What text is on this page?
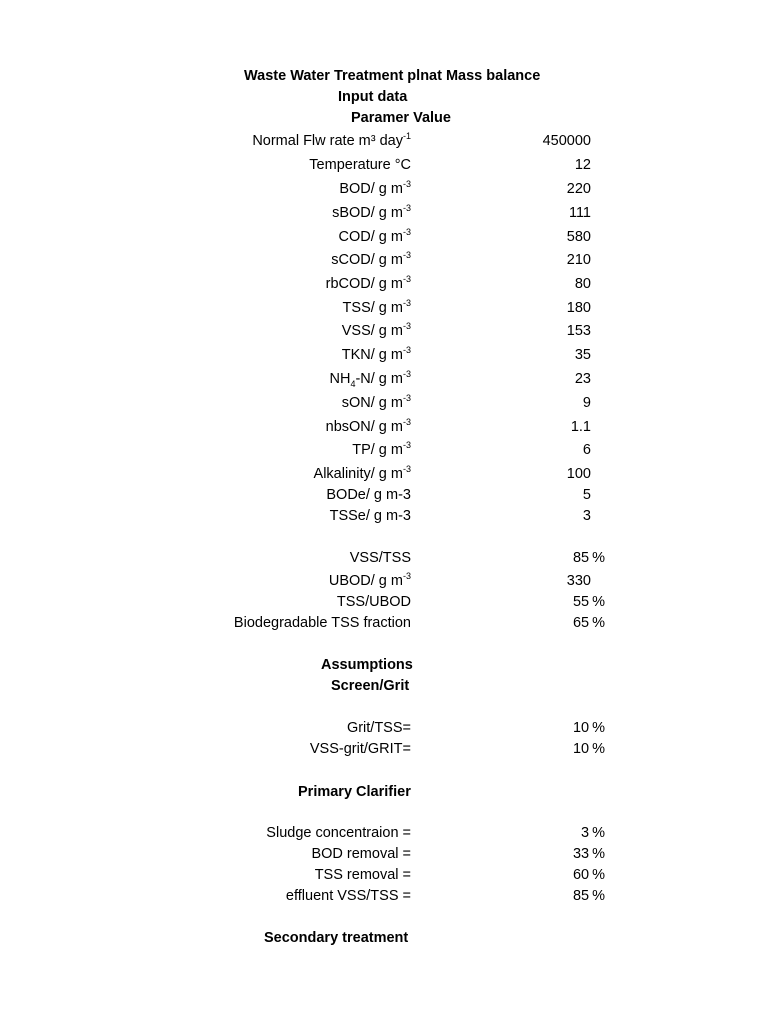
Waste Water Treatment plnat Mass balance
Input data
Paramer Value
Normal Flw rate m³ day$^{-1}$	450000
Temperature °C	12
BOD/ g $m^{-3}$	220
sBOD/ g $m^{-3}$	111
COD/ g $m^{-3}$	580
sCOD/ g $m^{-3}$	210
rbCOD/ g $m^{-3}$	80
TSS/ g $m^{-3}$	180
VSS/ g $m^{-3}$	153
TKN/ g $m^{-3}$	35
$NH_4-N/$ g $m^{-3}$	23
sON/ g $m^{-3}$	9
nbsON/ g $m^{-3}$	1.1
TP/ g $m^{-3}$	6
Alkalinity/ g $m^{-3}$	100
BODe/ g m-3	5
TSSe/ g m-3	3
VSS/TSS	85 %
UBOD/ g $m^{-3}$	330
TSS/UBOD	55 %
Biodegradable TSS fraction	65 %
Assumptions
Screen/Grit
Grit/TSS=	10 %
VSS-grit/GRIT=	10 %
Primary Clarifier
Sludge concentraion =	3 %
BOD removal =	33 %
TSS removal =	60 %
effluent VSS/TSS =	85 %
Secondary treatment
